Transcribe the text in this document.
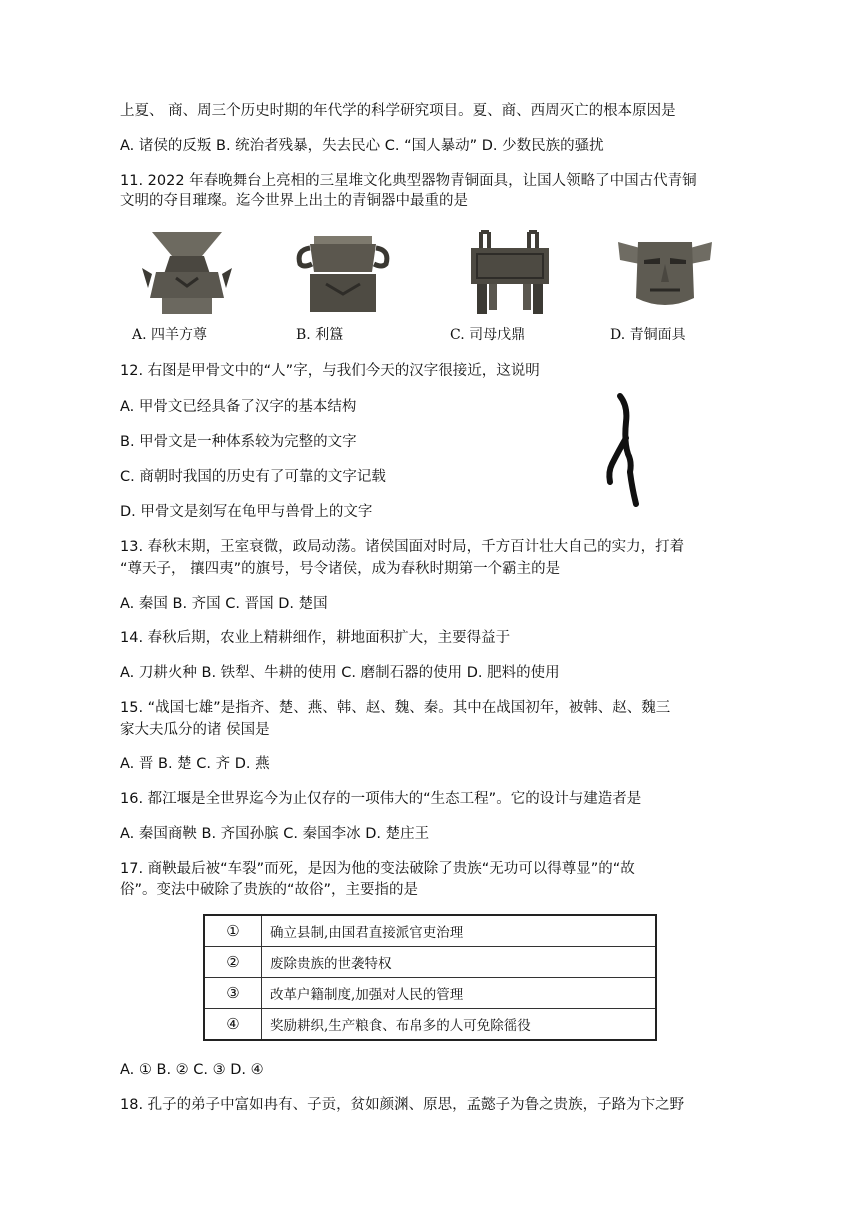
上夏、 商、周三个历史时期的年代学的科学研究项目。夏、商、西周灭亡的根本原因是
A. 诸侯的反叛 B. 统治者残暴，失去民心 C. “国人暴动” D. 少数民族的骚扰
11. 2022 年春晚舞台上亮相的三星堆文化典型器物青铜面具，让国人领略了中国古代青铜
文明的夺目璀璨。迄今世界上出土的青铜器中最重的是
A. 四羊方尊	B. 利簋	C. 司母戊鼎	D. 青铜面具
12. 右图是甲骨文中的“人”字，与我们今天的汉字很接近，这说明
A. 甲骨文已经具备了汉字的基本结构
B. 甲骨文是一种体系较为完整的文字
C. 商朝时我国的历史有了可靠的文字记载
D. 甲骨文是刻写在龟甲与兽骨上的文字
13. 春秋末期，王室衰微，政局动荡。诸侯国面对时局，千方百计壮大自己的实力，打着
“尊天子， 攘四夷”的旗号，号令诸侯，成为春秋时期第一个霸主的是
A. 秦国 B. 齐国 C. 晋国 D. 楚国
14. 春秋后期，农业上精耕细作，耕地面积扩大，主要得益于
A. 刀耕火种 B. 铁犁、牛耕的使用 C. 磨制石器的使用 D. 肥料的使用
15. “战国七雄”是指齐、楚、燕、韩、赵、魏、秦。其中在战国初年，被韩、赵、魏三
家大夫瓜分的诸 侯国是
A. 晋 B. 楚 C. 齐 D. 燕
16. 都江堰是全世界迄今为止仅存的一项伟大的“生态工程”。它的设计与建造者是
A. 秦国商鞅 B. 齐国孙膑 C. 秦国李冰 D. 楚庄王
17. 商鞅最后被“车裂”而死，是因为他的变法破除了贵族“无功可以得尊显”的“故
俗”。变法中破除了贵族的“故俗”，主要指的是
①	确立县制,由国君直接派官吏治理
②	废除贵族的世袭特权
③	改革户籍制度,加强对人民的管理
④	奖励耕织,生产粮食、布帛多的人可免除徭役
A. ① B. ② C. ③ D. ④
18. 孔子的弟子中富如冉有、子贡，贫如颜渊、原思，孟懿子为鲁之贵族，子路为卞之野
